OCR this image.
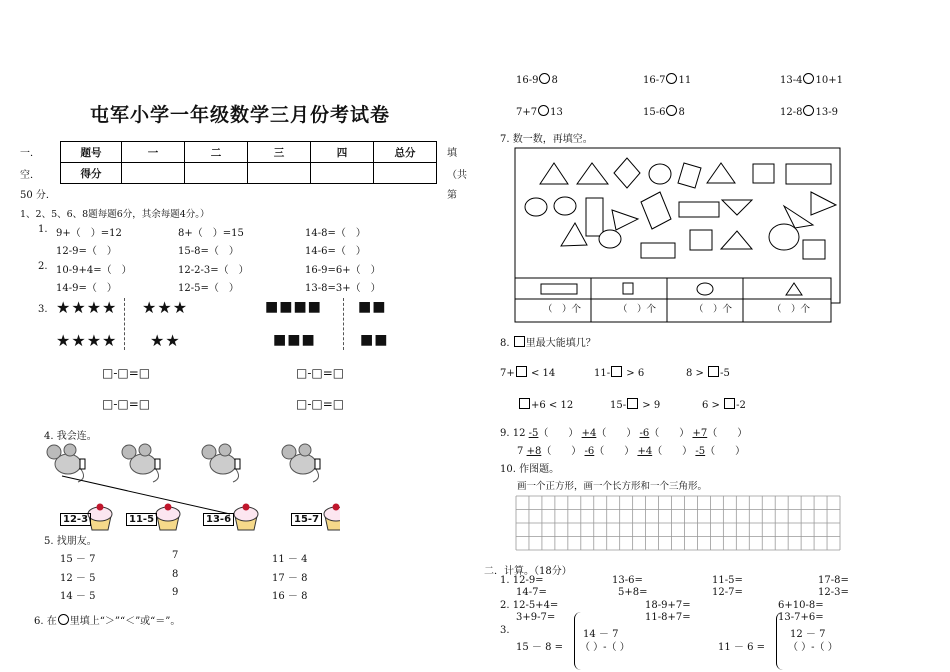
屯军小学一年级数学三月份考试卷
一．	填
空．	（共
50 分．	第
1、2、5、6、8题每题6分，其余每题4分。）
题号	一	二	三	四	总分
得分					
1. 9+（　）=12	8+（　）=15	14-8=（　）
12-9=（　）	15-8=（　）	14-6=（　）
2. 10-9+4=（　）	12-2-3=（　）	16-9=6+（　）
14-9=（　）	12-5=（　）	13-8=3+（　）
3. ★★★★ ★★★
★★★★ ★★
■■■■	■■
■■■	■■
□-□=□	□-□=□
□-□=□	□-□=□
4. 我会连。
12-3	11-5	13-6	15-7
5. 找朋友。
15 － 7	7	11 － 4
12 － 5	8	17 － 8
14 － 5	9	16 － 8
6. 在 里填上“＞”“＜”或“＝”。
16-9 8	16-7 11	13-4 10+1
7+7 13	15-6 8	12-8 13-9
7. 数一数，再填空。
（　）个	（　）个	（　）个	（　）个
8. 里最大能填几？
7+ < 14	11- > 6	8 > -5
+6 < 12	15- > 9	6 > -2
9. 12 -5（　　） +4（　　） -6（　　） +7（　　）
7 +8（　　） -6（　　） +4（　　） -5（　　）
10. 作图题。
画一个正方形，画一个长方形和一个三角形。
二．计算。（18分）
1. 12-9=	13-6=	11-5=	17-8=
14-7=	5+8=	12-7=	12-3=
2. 12-5+4=	18-9+7=	6+10-8=
3+9-7=	11-8+7=	13-7+6=
3.
15 － 8 =
14 － 7
（ ）-（ ）	11 － 6 =
12 － 7
（ ）-（ ）
